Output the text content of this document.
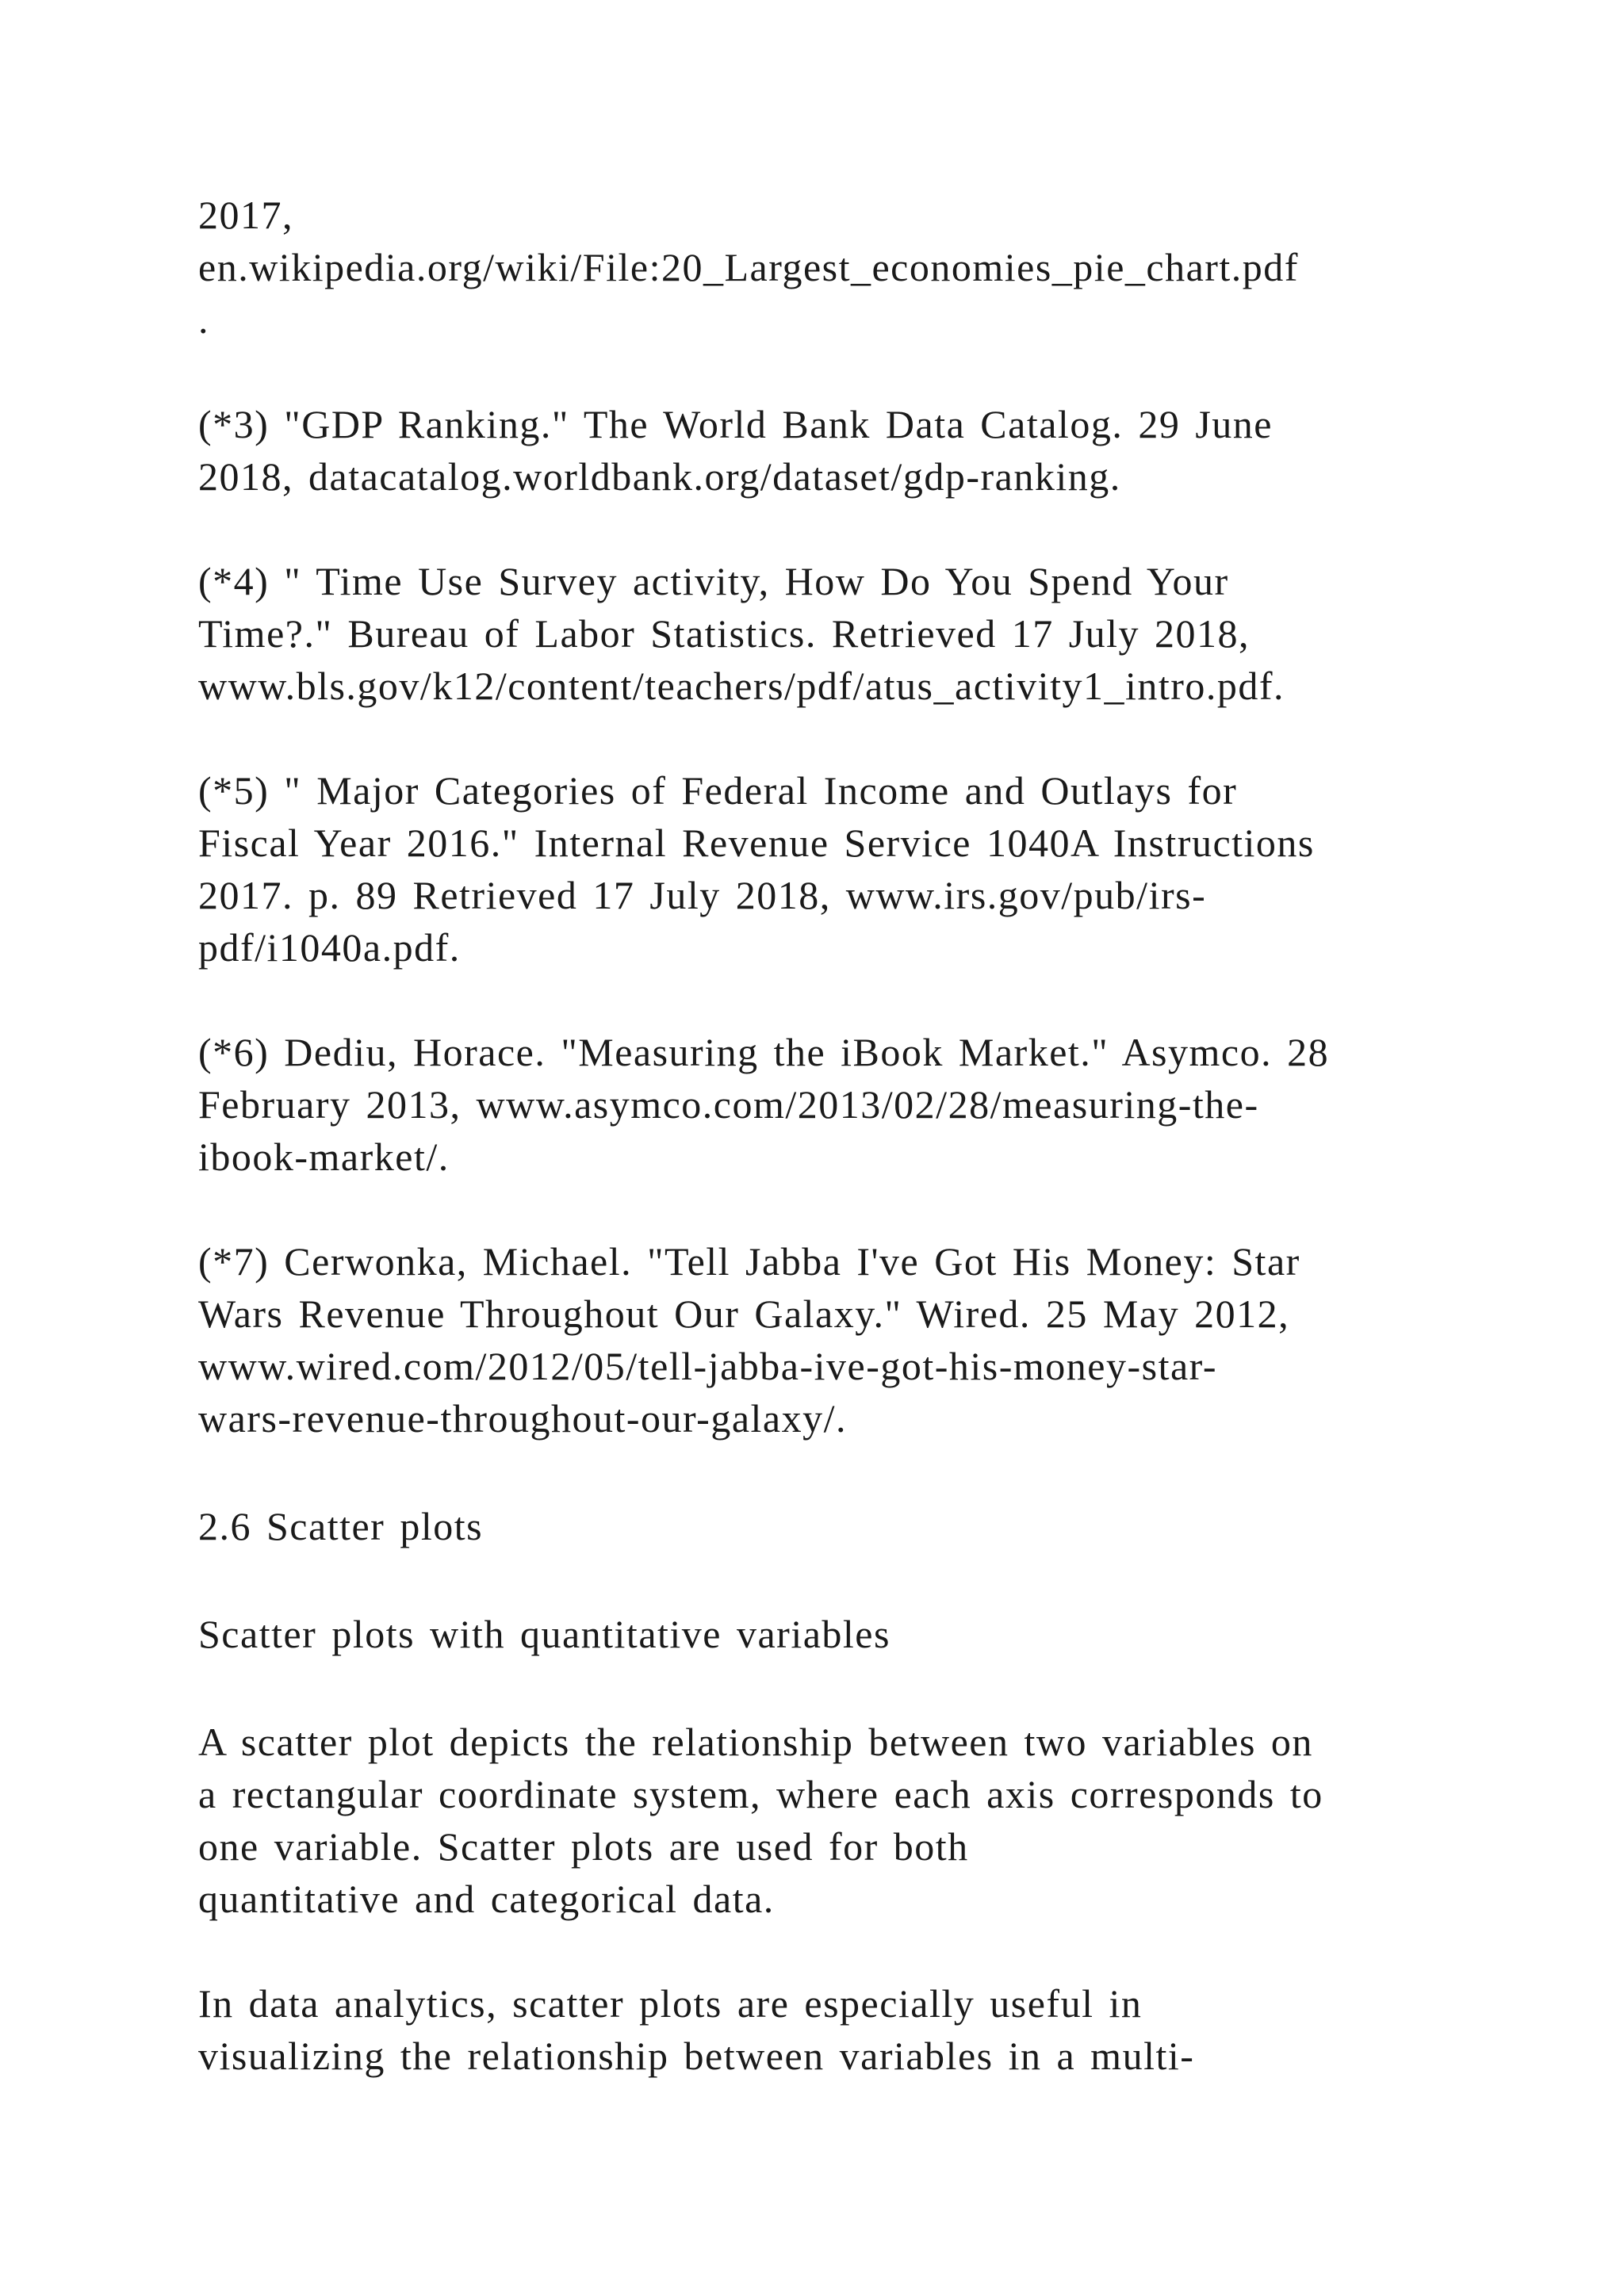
2017,
en.wikipedia.org/wiki/File:20_Largest_economies_pie_chart.pdf
.
(*3) "GDP Ranking." The World Bank Data Catalog. 29 June
2018, datacatalog.worldbank.org/dataset/gdp-ranking.
(*4) " Time Use Survey activity, How Do You Spend Your
Time?." Bureau of Labor Statistics. Retrieved 17 July 2018,
www.bls.gov/k12/content/teachers/pdf/atus_activity1_intro.pdf.
(*5) " Major Categories of Federal Income and Outlays for
Fiscal Year 2016." Internal Revenue Service 1040A Instructions
2017. p. 89 Retrieved 17 July 2018, www.irs.gov/pub/irs-
pdf/i1040a.pdf.
(*6) Dediu, Horace. "Measuring the iBook Market." Asymco. 28
February 2013, www.asymco.com/2013/02/28/measuring-the-
ibook-market/.
(*7) Cerwonka, Michael. "Tell Jabba I've Got His Money: Star
Wars Revenue Throughout Our Galaxy." Wired. 25 May 2012,
www.wired.com/2012/05/tell-jabba-ive-got-his-money-star-
wars-revenue-throughout-our-galaxy/.
2.6 Scatter plots
Scatter plots with quantitative variables
A scatter plot depicts the relationship between two variables on
a rectangular coordinate system, where each axis corresponds to
one variable. Scatter plots are used for both
quantitative and categorical data.
In data analytics, scatter plots are especially useful in
visualizing the relationship between variables in a multi-
